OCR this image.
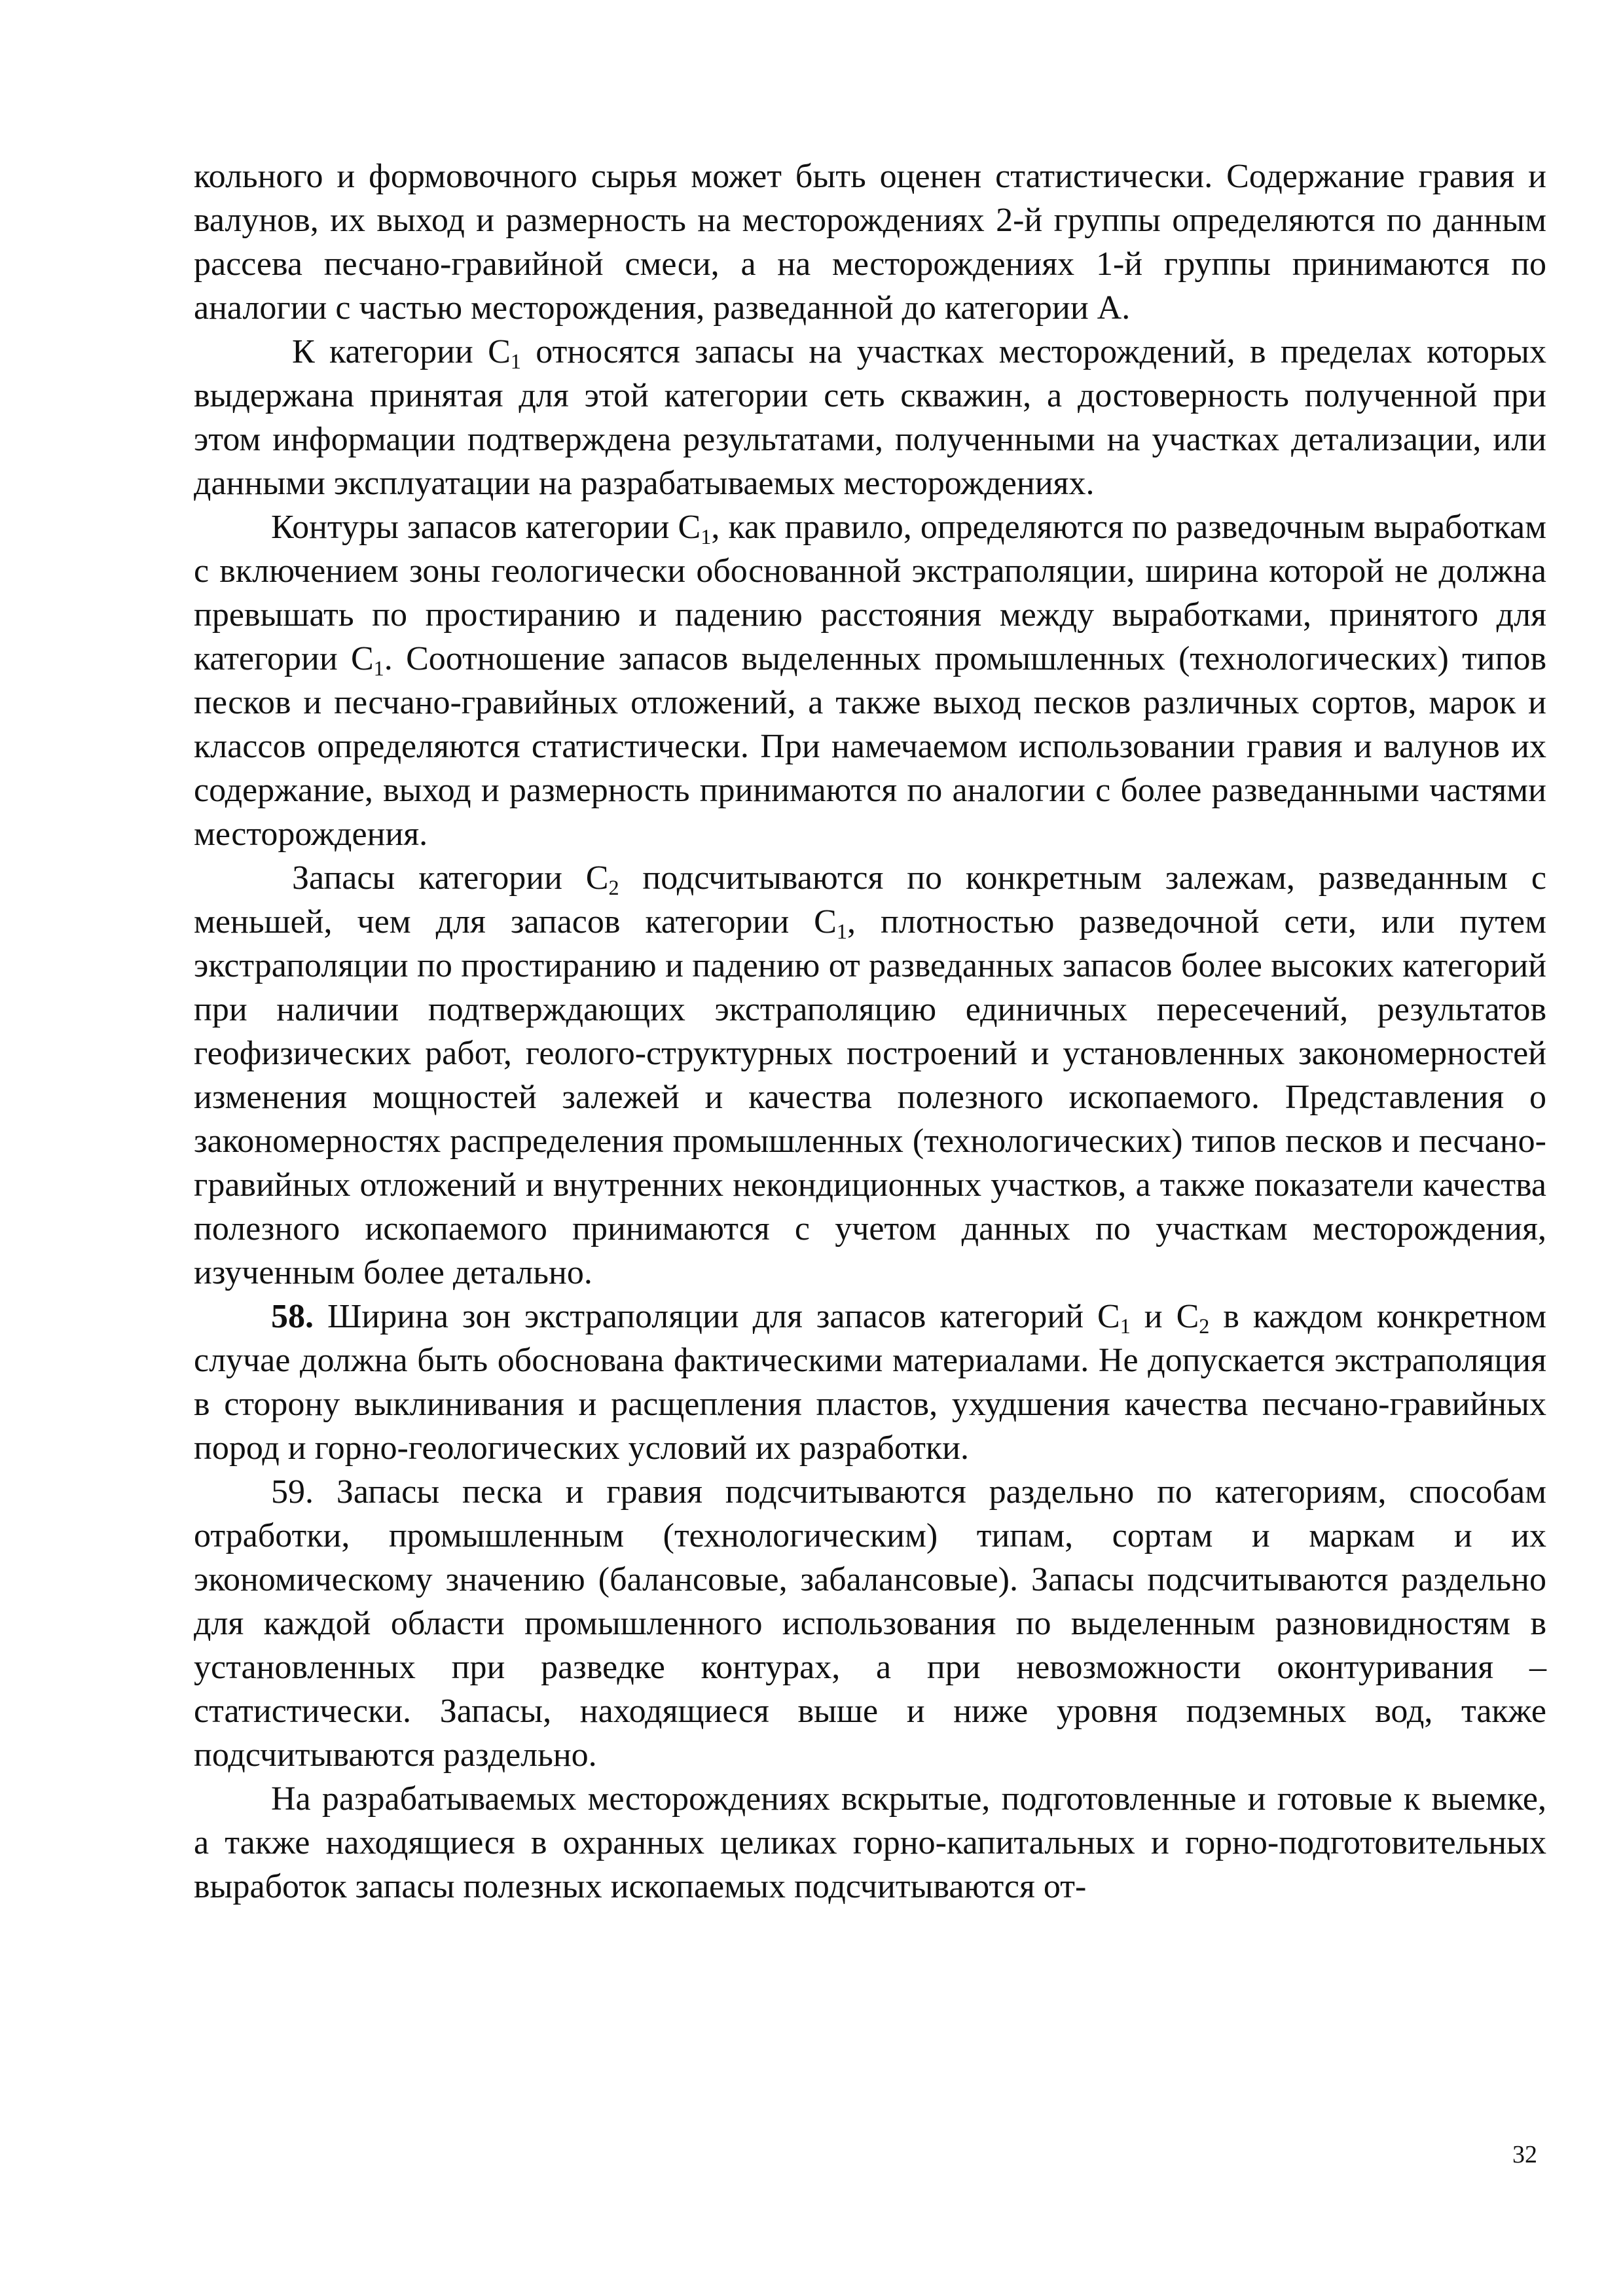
кольного и формовочного сырья может быть оценен статистически. Содержание гравия и валунов, их выход и размерность на месторождениях 2-й группы определяются по данным рассева песчано-гравийной смеси, а на месторождениях 1-й группы принимаются по аналогии с частью месторождения, разведанной до категории А.

К категории $С_1$ относятся запасы на участках месторождений, в пределах которых выдержана принятая для этой категории сеть скважин, а достоверность полученной при этом информации подтверждена результатами, полученными на участках детализации, или данными эксплуатации на разрабатываемых месторождениях.

Контуры запасов категории $С_1$, как правило, определяются по разведочным выработкам с включением зоны геологически обоснованной экстраполяции, ширина которой не должна превышать по простиранию и падению расстояния между выработками, принятого для категории $С_1$. Соотношение запасов выделенных промышленных (технологических) типов песков и песчано-гравийных отложений, а также выход песков различных сортов, марок и классов определяются статистически. При намечаемом использовании гравия и валунов их содержание, выход и размерность принимаются по аналогии с более разведанными частями месторождения.

Запасы категории $С_2$ подсчитываются по конкретным залежам, разведанным с меньшей, чем для запасов категории $С_1$, плотностью разведочной сети, или путем экстраполяции по простиранию и падению от разведанных запасов более высоких категорий при наличии подтверждающих экстраполяцию единичных пересечений, результатов геофизических работ, геолого-структурных построений и установленных закономерностей изменения мощностей залежей и качества полезного ископаемого. Представления о закономерностях распределения промышленных (технологических) типов песков и песчано-гравийных отложений и внутренних некондиционных участков, а также показатели качества полезного ископаемого принимаются с учетом данных по участкам месторождения, изученным более детально.

58. Ширина зон экстраполяции для запасов категорий $С_1$ и $С_2$ в каждом конкретном случае должна быть обоснована фактическими материалами. Не допускается экстраполяция в сторону выклинивания и расщепления пластов, ухудшения качества песчано-гравийных пород и горно-геологических условий их разработки.

59. Запасы песка и гравия подсчитываются раздельно по категориям, способам отработки, промышленным (технологическим) типам, сортам и маркам и их экономическому значению (балансовые, забалансовые). Запасы подсчитываются раздельно для каждой области промышленного использования по выделенным разновидностям в установленных при разведке контурах, а при невозможности оконтуривания – статистически. Запасы, находящиеся выше и ниже уровня подземных вод, также подсчитываются раздельно.

На разрабатываемых месторождениях вскрытые, подготовленные и готовые к выемке, а также находящиеся в охранных целиках горно-капитальных и горно-подготовительных выработок запасы полезных ископаемых подсчитываются от-

32
